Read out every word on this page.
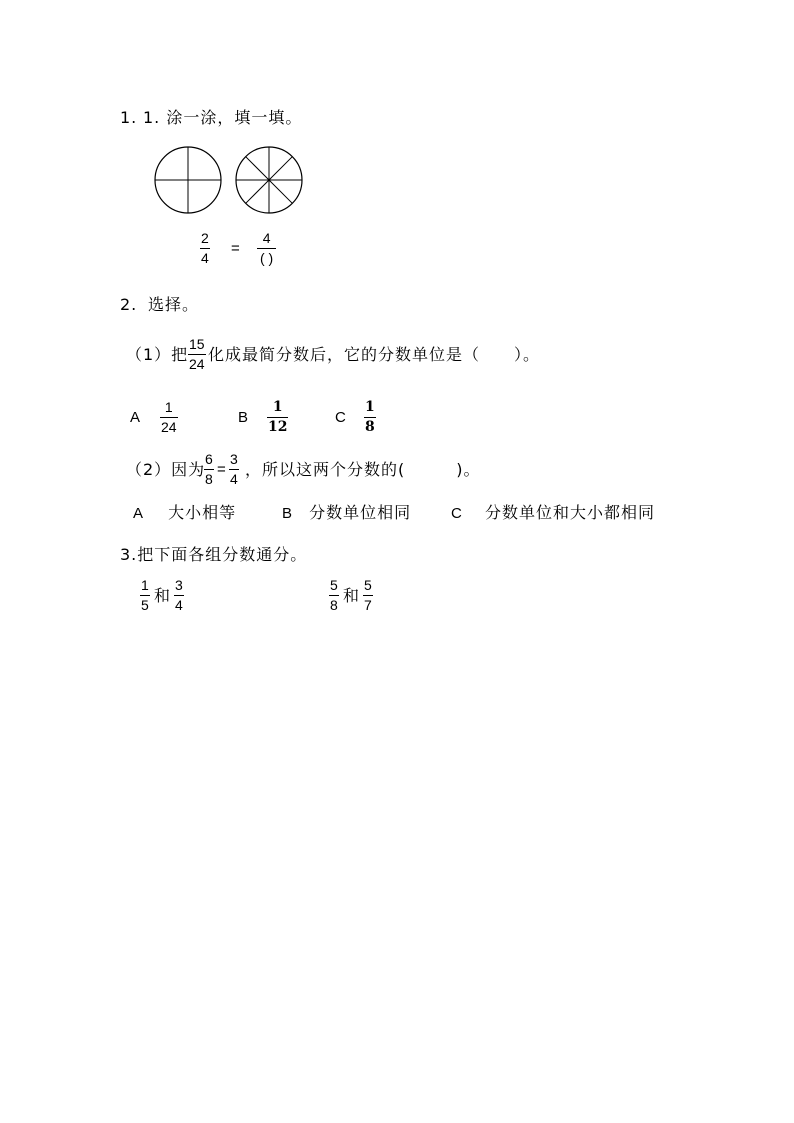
1. 1. 涂一涂，填一填。
$\frac{2}{4}$ =
4
( )
2. 选择。
（1）把 $\frac{15}{24}$ 化成最简分数后，它的分数单位是（　　）。
A $\frac{1}{24}$	B $\frac{1}{12}$	C $\frac{1}{8}$
（2）因为
$\frac{6}{8} = \frac{3}{4}$ ，所以这两个分数的(　　　)。
A 大小相等	B 分数单位相同	C 分数单位和大小都相同
3.把下面各组分数通分。
$\frac{1}{5}$ 和 $\frac{3}{4}$	$\frac{5}{8}$ 和 $\frac{5}{7}$
